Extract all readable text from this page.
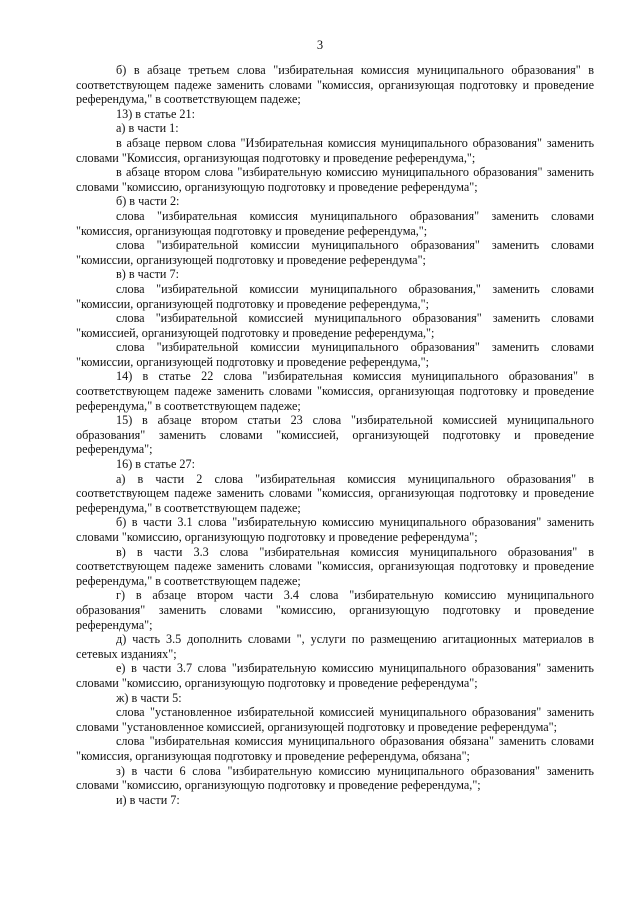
3

б) в абзаце третьем слова "избирательная комиссия муниципального образования" в соответствующем падеже заменить словами "комиссия, организующая подготовку и проведение референдума," в соответствующем падеже;

13) в статье 21:

а) в части 1:

в абзаце первом слова "Избирательная комиссия муниципального образования" заменить словами "Комиссия, организующая подготовку и проведение референдума,";

в абзаце втором слова "избирательную комиссию муниципального образования" заменить словами "комиссию, организующую подготовку и проведение референдума";

б) в части 2:

слова "избирательная комиссия муниципального образования" заменить словами "комиссия, организующая подготовку и проведение референдума,";

слова "избирательной комиссии муниципального образования" заменить словами "комиссии, организующей подготовку и проведение референдума";

в) в части 7:

слова "избирательной комиссии муниципального образования," заменить словами "комиссии, организующей подготовку и проведение референдума,";

слова "избирательной комиссией муниципального образования" заменить словами "комиссией, организующей подготовку и проведение референдума,";

слова "избирательной комиссии муниципального образования" заменить словами "комиссии, организующей подготовку и проведение референдума,";

14) в статье 22 слова "избирательная комиссия муниципального образования" в соответствующем падеже заменить словами "комиссия, организующая подготовку и проведение референдума," в соответствующем падеже;

15) в абзаце втором статьи 23 слова "избирательной комиссией муниципального образования" заменить словами "комиссией, организующей подготовку и проведение референдума";

16) в статье 27:

а) в части 2 слова "избирательная комиссия муниципального образования" в соответствующем падеже заменить словами "комиссия, организующая подготовку и проведение референдума," в соответствующем падеже;

б) в части 3.1 слова "избирательную комиссию муниципального образования" заменить словами "комиссию, организующую подготовку и проведение референдума";

в) в части 3.3 слова "избирательная комиссия муниципального образования" в соответствующем падеже заменить словами "комиссия, организующая подготовку и проведение референдума," в соответствующем падеже;

г) в абзаце втором части 3.4 слова "избирательную комиссию муниципального образования" заменить словами "комиссию, организующую подготовку и проведение референдума";

д) часть 3.5 дополнить словами ", услуги по размещению агитационных материалов в сетевых изданиях";

е) в части 3.7 слова "избирательную комиссию муниципального образования" заменить словами "комиссию, организующую подготовку и проведение референдума";

ж) в части 5:

слова "установленное избирательной комиссией муниципального образования" заменить словами "установленное комиссией, организующей подготовку и проведение референдума";

слова "избирательная комиссия муниципального образования обязана" заменить словами "комиссия, организующая подготовку и проведение референдума, обязана";

з) в части 6 слова "избирательную комиссию муниципального образования" заменить словами "комиссию, организующую подготовку и проведение референдума,";

и) в части 7:
